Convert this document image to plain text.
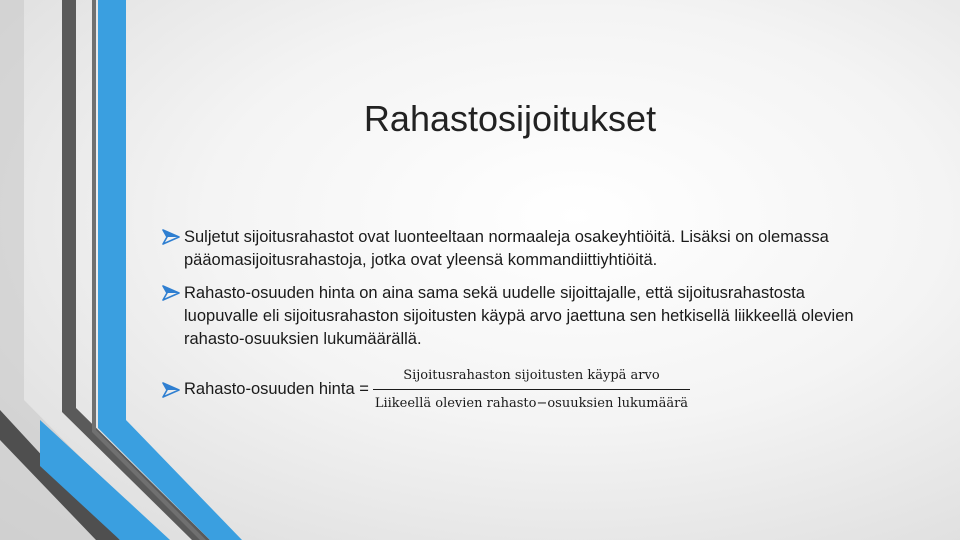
Rahastosijoitukset

Suljetut sijoitusrahastot ovat luonteeltaan normaaleja osakeyhtiöitä. Lisäksi on olemassa pääomasijoitusrahastoja, jotka ovat yleensä kommandiittiyhtiöitä.

Rahasto-osuuden hinta on aina sama sekä uudelle sijoittajalle, että sijoitusrahastosta luopuvalle eli sijoitusrahaston sijoitusten käypä arvo jaettuna sen hetkisellä liikkeellä olevien rahasto-osuuksien lukumäärällä.

Rahasto-osuuden hinta = $\frac{\text{Sijoitusrahaston sijoitusten käypä arvo}}{\text{Liikeellä olevien rahasto−osuuksien lukumäärä}}$
